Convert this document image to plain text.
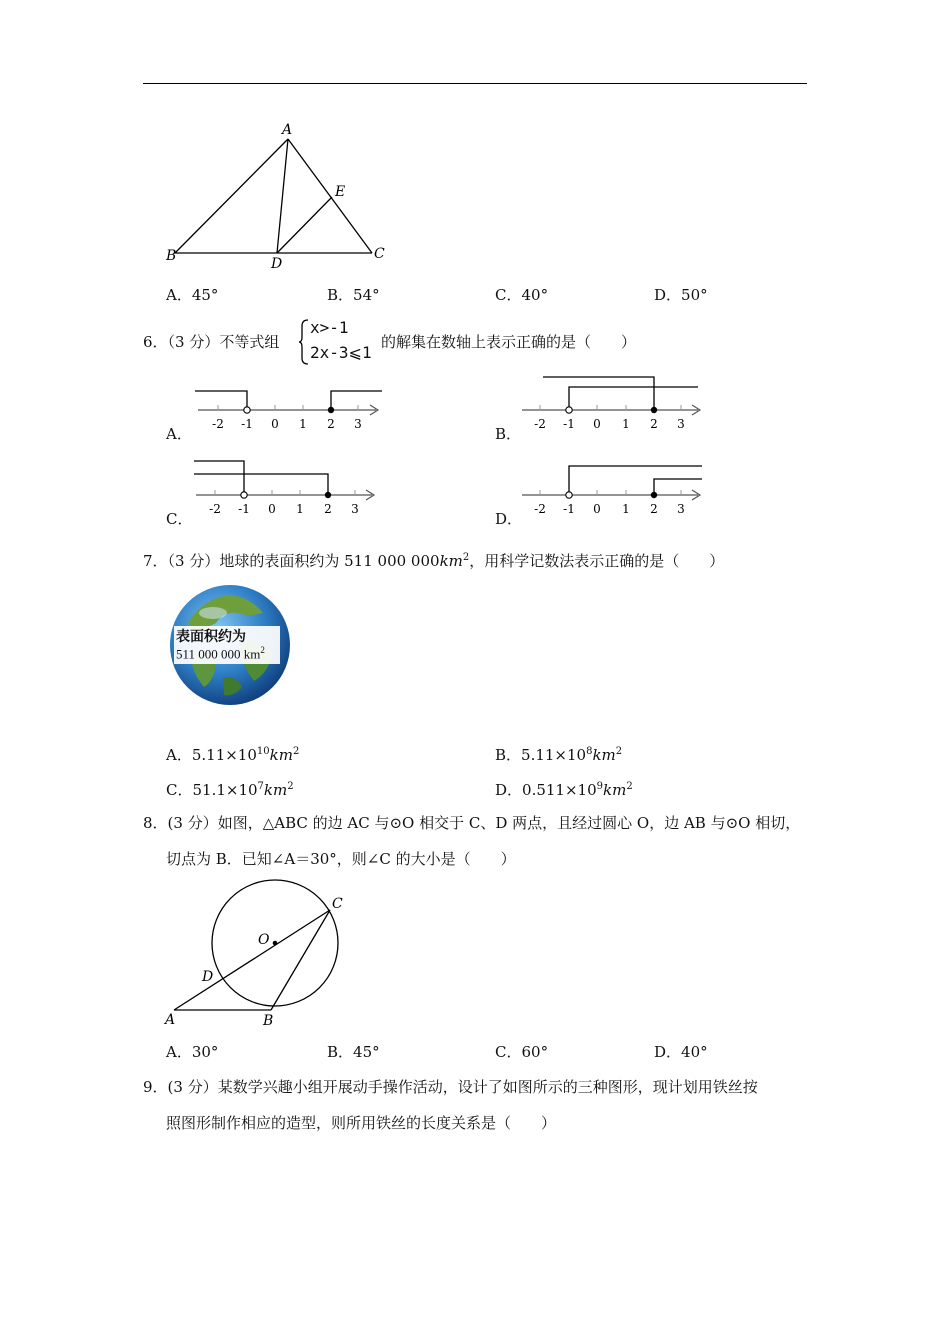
A
B	C
D
E
A．45°	B．54°	C．40°	D．50°
6．（3 分）不等式组
x>-1
2x-3⩽1
的解集在数轴上表示正确的是（　　）
A．
-2 -1 0 1 2 3
B．
-2 -1 0 1 2 3
C．
-2 -1 0 1 2 3
D．
-2 -1 0 1 2 3
7．（3 分）地球的表面积约为 511 000 $000km^2$，用科学记数法表示正确的是（　　）
表面积约为
511 000 000 $km^2$
A．$5.11\times 10^{10}km^2$	B．$5.11\times 10^8km^2$
C．$51.1\times 10^7km^2$	D．$0.511\times 10^9km^2$
8．(3 分）如图，△ABC 的边 AC 与⊙O 相交于 C、D 两点，且经过圆心 O，边 AB 与⊙O 相切，
切点为 B．已知∠A＝30°，则∠C 的大小是（　　）
O
C
D
A	B
A．30°	B．45°	C．60°	D．40°
9．(3 分）某数学兴趣小组开展动手操作活动，设计了如图所示的三种图形，现计划用铁丝按
照图形制作相应的造型，则所用铁丝的长度关系是（　　）
